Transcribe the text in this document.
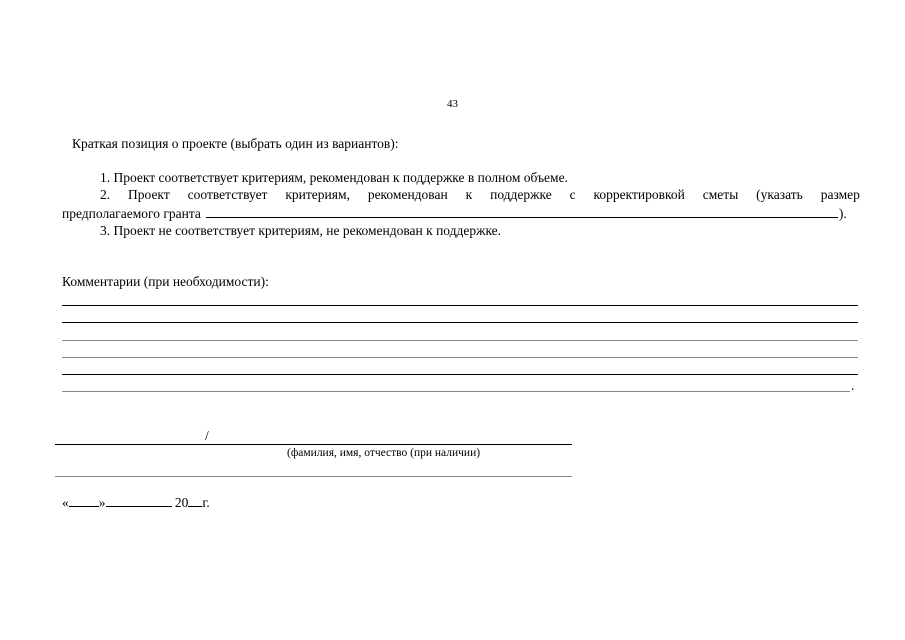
43
Краткая позиция о проекте (выбрать один из вариантов):
1. Проект соответствует критериям, рекомендован к поддержке в полном объеме.
2. Проект соответствует критериям, рекомендован к поддержке с корректировкой сметы (указать размер
предполагаемого гранта	).
3. Проект не соответствует критериям, не рекомендован к поддержке.
Комментарии (при необходимости):
.
/
(фамилия, имя, отчество (при наличии)
« »	20 г.
